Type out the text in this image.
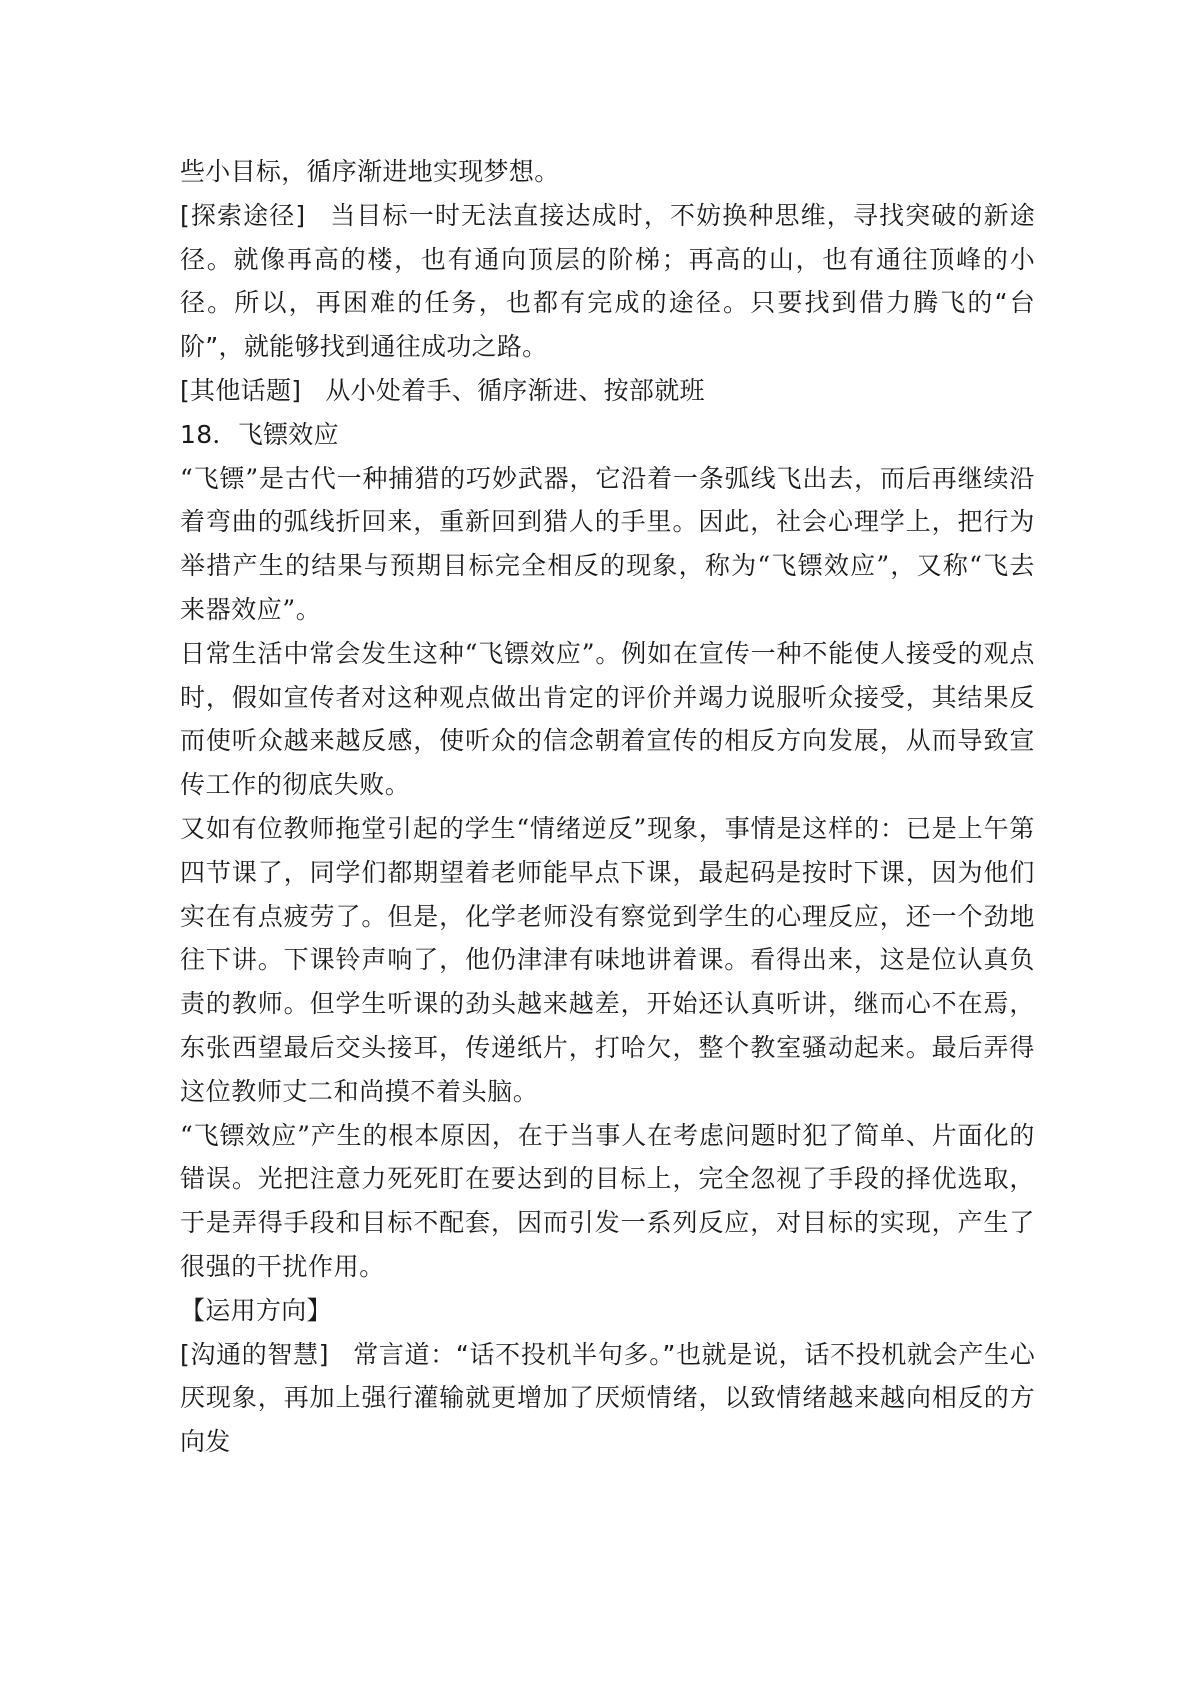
些小目标，循序渐进地实现梦想。

[探索途径] 当目标一时无法直接达成时，不妨换种思维，寻找突破的新途径。就像再高的楼，也有通向顶层的阶梯；再高的山，也有通往顶峰的小径。所以，再困难的任务，也都有完成的途径。只要找到借力腾飞的“台阶”，就能够找到通往成功之路。

[其他话题] 从小处着手、循序渐进、按部就班

18．飞镖效应

“飞镖”是古代一种捕猎的巧妙武器，它沿着一条弧线飞出去，而后再继续沿着弯曲的弧线折回来，重新回到猎人的手里。因此，社会心理学上，把行为举措产生的结果与预期目标完全相反的现象，称为“飞镖效应”，又称“飞去来器效应”。

日常生活中常会发生这种“飞镖效应”。例如在宣传一种不能使人接受的观点时，假如宣传者对这种观点做出肯定的评价并竭力说服听众接受，其结果反而使听众越来越反感，使听众的信念朝着宣传的相反方向发展，从而导致宣传工作的彻底失败。

又如有位教师拖堂引起的学生“情绪逆反”现象，事情是这样的：已是上午第四节课了，同学们都期望着老师能早点下课，最起码是按时下课，因为他们实在有点疲劳了。但是，化学老师没有察觉到学生的心理反应，还一个劲地往下讲。下课铃声响了，他仍津津有味地讲着课。看得出来，这是位认真负责的教师。但学生听课的劲头越来越差，开始还认真听讲，继而心不在焉，东张西望最后交头接耳，传递纸片，打哈欠，整个教室骚动起来。最后弄得这位教师丈二和尚摸不着头脑。

“飞镖效应”产生的根本原因，在于当事人在考虑问题时犯了简单、片面化的错误。光把注意力死死盯在要达到的目标上，完全忽视了手段的择优选取，于是弄得手段和目标不配套，因而引发一系列反应，对目标的实现，产生了很强的干扰作用。

【运用方向】

[沟通的智慧] 常言道：“话不投机半句多。”也就是说，话不投机就会产生心厌现象，再加上强行灌输就更增加了厌烦情绪，以致情绪越来越向相反的方向发
